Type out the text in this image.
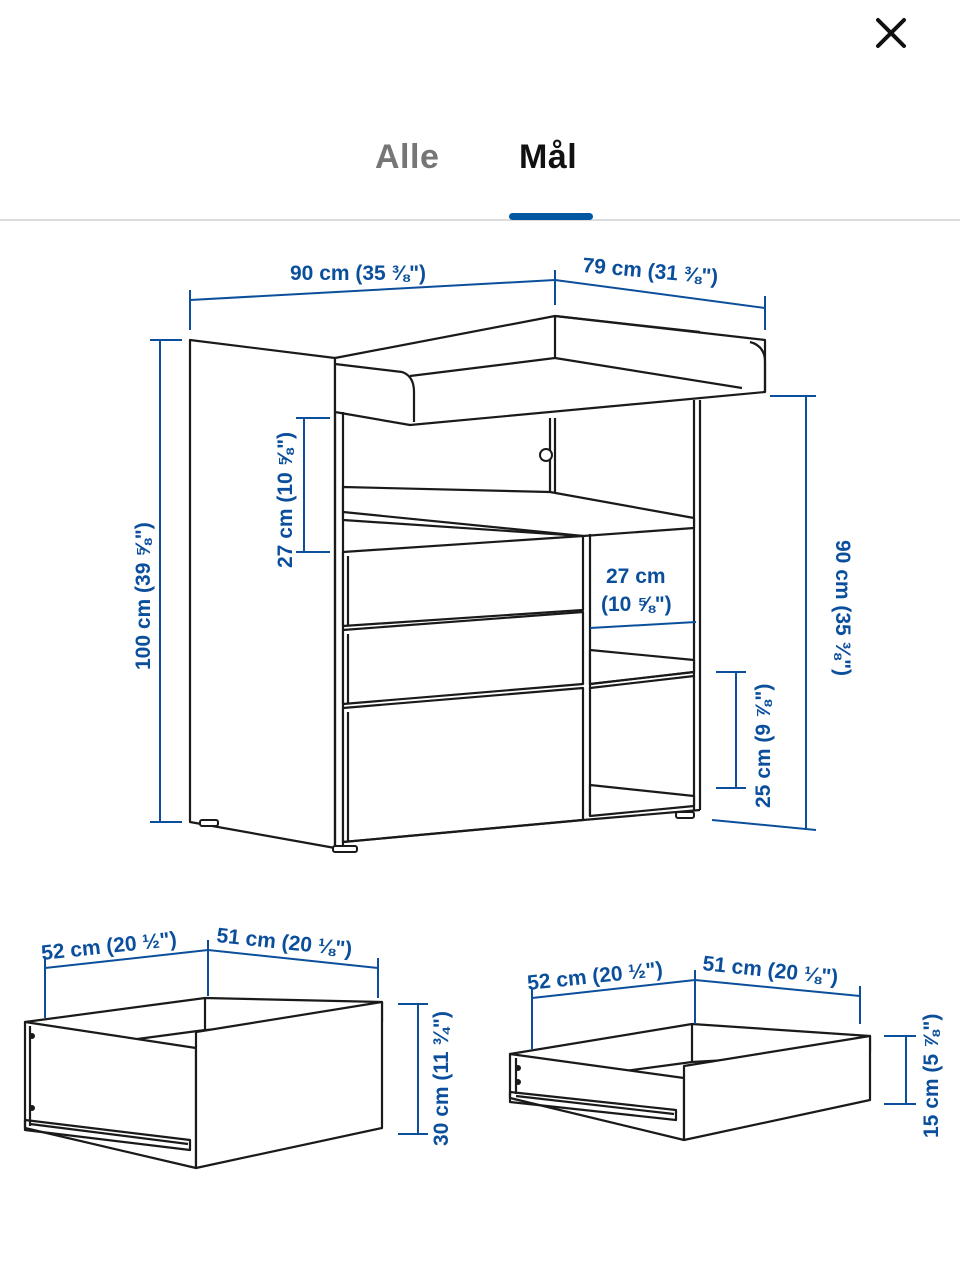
Alle Mål
90 cm (35 ⅜")	79 cm (31 ⅜")
100 cm (39 ⅝")	90 cm (35 ⅜")
27 cm (10 ⅝")
27 cm
(10 ⅝")
25 cm (9 ⅞")
52 cm (20 ½") 51 cm (20 ⅛")
30 cm (11 ¾")
52 cm (20 ½") 51 cm (20 ⅛")
15 cm (5 ⅞")
